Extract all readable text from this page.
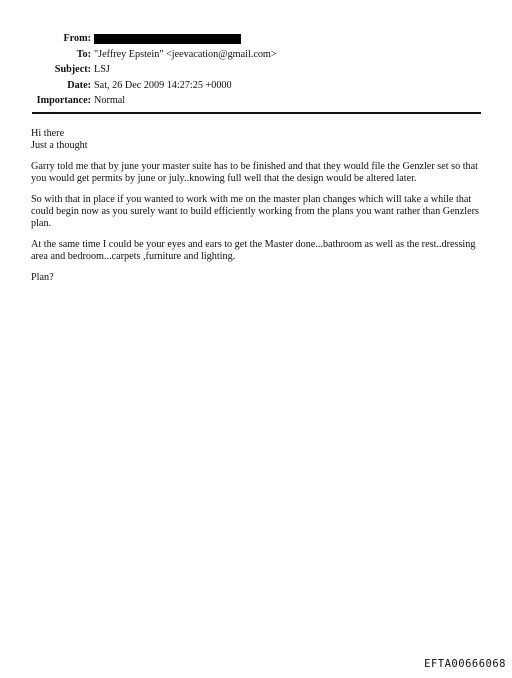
From:
To: "Jeffrey Epstein" <jeevacation@gmail.com>
Subject: LSJ
Date: Sat, 26 Dec 2009 14:27:25 +0000
Importance: Normal

Hi there
Just a thought

Garry told me that by june your master suite has to be finished and that they would file the Genzler set so that
you would get permits by june or july..knowing full well that the design would be altered later.

So with that in place if you wanted to work with me on the master plan changes which will take a while that
could begin now as you surely want to build efficiently working from the plans you want rather than Genzlers
plan.

At the same time I could be your eyes and ears to get the Master done...bathroom as well as the rest..dressing
area and bedroom...carpets ,furniture and lighting.

Plan?

EFTA00666068
